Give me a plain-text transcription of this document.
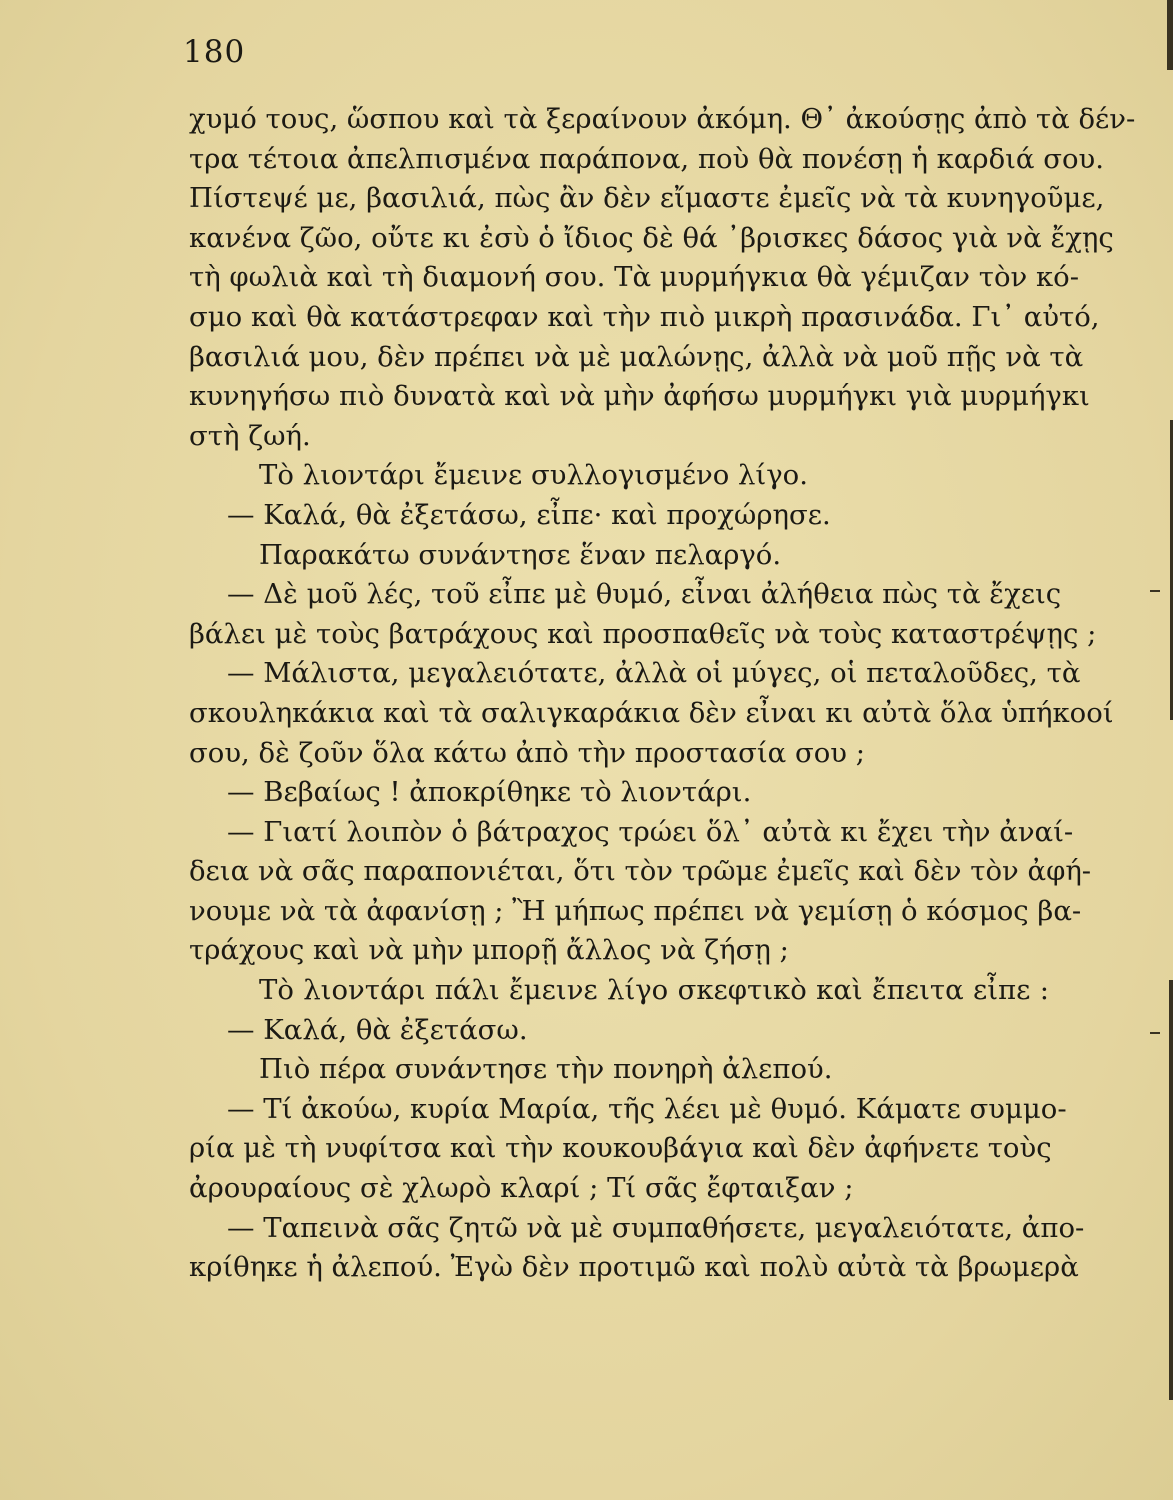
180
χυμό τους, ὥσπου καὶ τὰ ξεραίνουν ἀκόμη. Θ᾽ ἀκούσῃς ἀπὸ τὰ δέν-
τρα τέτοια ἀπελπισμένα παράπονα, ποὺ θὰ πονέσῃ ἡ καρδιά σου.
Πίστεψέ με, βασιλιά, πὼς ἂν δὲν εἴμαστε ἐμεῖς νὰ τὰ κυνηγοῦμε,
κανένα ζῶο, οὔτε κι ἐσὺ ὁ ἴδιος δὲ θά ᾽βρισκες δάσος γιὰ νὰ ἔχῃς
τὴ φωλιὰ καὶ τὴ διαμονή σου. Τὰ μυρμήγκια θὰ γέμιζαν τὸν κό-
σμο καὶ θὰ κατάστρεφαν καὶ τὴν πιὸ μικρὴ πρασινάδα. Γι᾽ αὐτό,
βασιλιά μου, δὲν πρέπει νὰ μὲ μαλώνῃς, ἀλλὰ νὰ μοῦ πῇς νὰ τὰ
κυνηγήσω πιὸ δυνατὰ καὶ νὰ μὴν ἀφήσω μυρμήγκι γιὰ μυρμήγκι
στὴ ζωή.
Τὸ λιοντάρι ἔμεινε συλλογισμένο λίγο.
— Καλά, θὰ ἐξετάσω, εἶπε· καὶ προχώρησε.
Παρακάτω συνάντησε ἕναν πελαργό.
— Δὲ μοῦ λές, τοῦ εἶπε μὲ θυμό, εἶναι ἀλήθεια πὼς τὰ ἔχεις
βάλει μὲ τοὺς βατράχους καὶ προσπαθεῖς νὰ τοὺς καταστρέψῃς ;
— Μάλιστα, μεγαλειότατε, ἀλλὰ οἱ μύγες, οἱ πεταλοῦδες, τὰ
σκουληκάκια καὶ τὰ σαλιγκαράκια δὲν εἶναι κι αὐτὰ ὅλα ὑπήκοοί
σου, δὲ ζοῦν ὅλα κάτω ἀπὸ τὴν προστασία σου ;
— Βεβαίως ! ἀποκρίθηκε τὸ λιοντάρι.
— Γιατί λοιπὸν ὁ βάτραχος τρώει ὅλ᾽ αὐτὰ κι ἔχει τὴν ἀναί-
δεια νὰ σᾶς παραπονιέται, ὅτι τὸν τρῶμε ἐμεῖς καὶ δὲν τὸν ἀφή-
νουμε νὰ τὰ ἀφανίσῃ ; Ἢ μήπως πρέπει νὰ γεμίσῃ ὁ κόσμος βα-
τράχους καὶ νὰ μὴν μπορῇ ἄλλος νὰ ζήσῃ ;
Τὸ λιοντάρι πάλι ἔμεινε λίγο σκεφτικὸ καὶ ἔπειτα εἶπε :
— Καλά, θὰ ἐξετάσω.
Πιὸ πέρα συνάντησε τὴν πονηρὴ ἀλεπού.
— Τί ἀκούω, κυρία Μαρία, τῆς λέει μὲ θυμό. Κάματε συμμο-
ρία μὲ τὴ νυφίτσα καὶ τὴν κουκουβάγια καὶ δὲν ἀφήνετε τοὺς
ἀρουραίους σὲ χλωρὸ κλαρί ; Τί σᾶς ἔφταιξαν ;
— Ταπεινὰ σᾶς ζητῶ νὰ μὲ συμπαθήσετε, μεγαλειότατε, ἀπο-
κρίθηκε ἡ ἀλεπού. Ἐγὼ δὲν προτιμῶ καὶ πολὺ αὐτὰ τὰ βρωμερὰ
